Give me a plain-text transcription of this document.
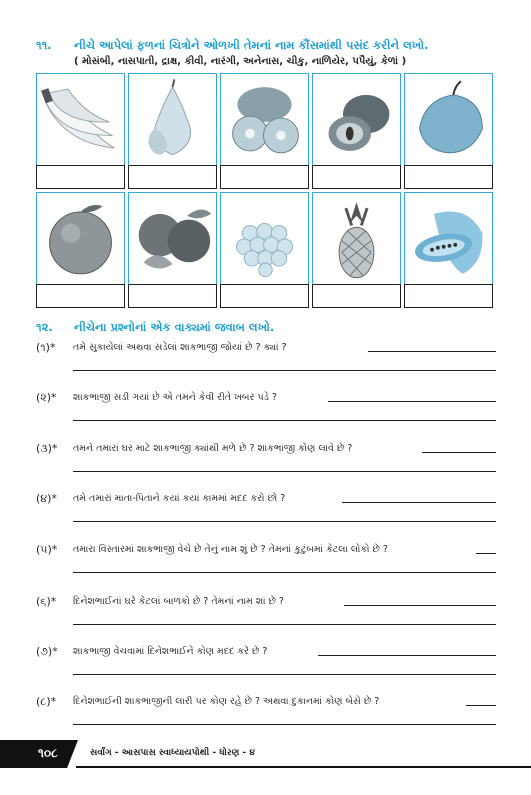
૧૧. નીચે આપેલાં ફળનાં ચિત્રોને ઓળખી તેમનાં નામ કૌંસમાંથી પસંદ કરીને લખો.
( મોસંબી, નાસપાતી, દ્રાક્ષ, કીવી, નારંગી, અનેનાસ, ચીકુ, નાળિયેર, પપૈયું, કેળાં )
૧૨. નીચેના પ્રશ્નોનાં એક વાક્યમાં જવાબ લખો.
(૧)* તમે સુકાયેલાં અથવા સડેલાં શાકભાજી જોયાં છે ? ક્યાં ?
(૨)* શાકભાજી સડી ગયાં છે એ તમને કેવી રીતે ખબર પડે ?
(૩)* તમને તમારાં ઘર માટે શાકભાજી ક્યાંથી મળે છે ? શાકભાજી કોણ લાવે છે ?
(૪)* તમે તમારાં માતા-પિતાને કયાં કયાં કામમાં મદદ કરો છો ?
(૫)* તમારા વિસ્તારમાં શાકભાજી વેચે છે તેનું નામ શું છે ? તેમનાં કુટુંબમાં કેટલા લોકો છે ?
(૬)* દિનેશભાઈનાં ઘરે કેટલાં બાળકો છે ? તેમનાં નામ શાં છે ?
(૭)* શાકભાજી વેચવામાં દિનેશભાઈને કોણ મદદ કરે છે ?
(૮)* દિનેશભાઈની શાકભાજીની લારી પર કોણ રહે છે ? અથવા દુકાનમાં કોણ બેસે છે ?
૧૦૮	સર્વાંગ - આસપાસ સ્વાધ્યાયપોથી - ધોરણ - ૪
